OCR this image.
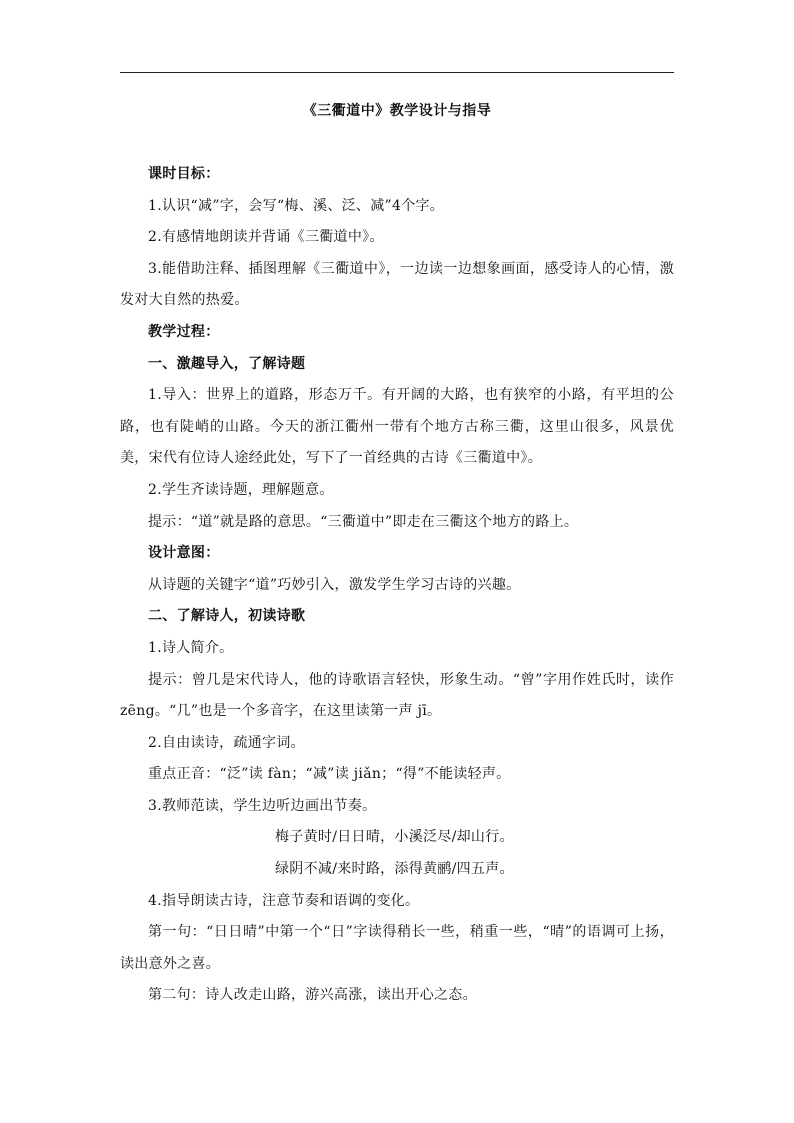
《三衢道中》教学设计与指导

课时目标：

1.认识“减”字，会写“梅、溪、泛、减”4个字。

2.有感情地朗读并背诵《三衢道中》。

3.能借助注释、插图理解《三衢道中》，一边读一边想象画面，感受诗人的心情，激发对大自然的热爱。

教学过程：

一、激趣导入，了解诗题

1.导入：世界上的道路，形态万千。有开阔的大路，也有狭窄的小路，有平坦的公路，也有陡峭的山路。今天的浙江衢州一带有个地方古称三衢，这里山很多，风景优美，宋代有位诗人途经此处，写下了一首经典的古诗《三衢道中》。

2.学生齐读诗题，理解题意。

提示：“道”就是路的意思。“三衢道中”即走在三衢这个地方的路上。

设计意图：

从诗题的关键字“道”巧妙引入，激发学生学习古诗的兴趣。

二、了解诗人，初读诗歌

1.诗人简介。

提示：曾几是宋代诗人，他的诗歌语言轻快，形象生动。“曾”字用作姓氏时，读作 zēng。“几”也是一个多音字，在这里读第一声 jī。

2.自由读诗，疏通字词。

重点正音：“泛”读 fàn；“减”读 jiǎn；“得”不能读轻声。

3.教师范读，学生边听边画出节奏。

梅子黄时/日日晴，小溪泛尽/却山行。

绿阴不减/来时路，添得黄鹂/四五声。

4.指导朗读古诗，注意节奏和语调的变化。

第一句：“日日晴”中第一个“日”字读得稍长一些，稍重一些，“晴”的语调可上扬，读出意外之喜。

第二句：诗人改走山路，游兴高涨，读出开心之态。
